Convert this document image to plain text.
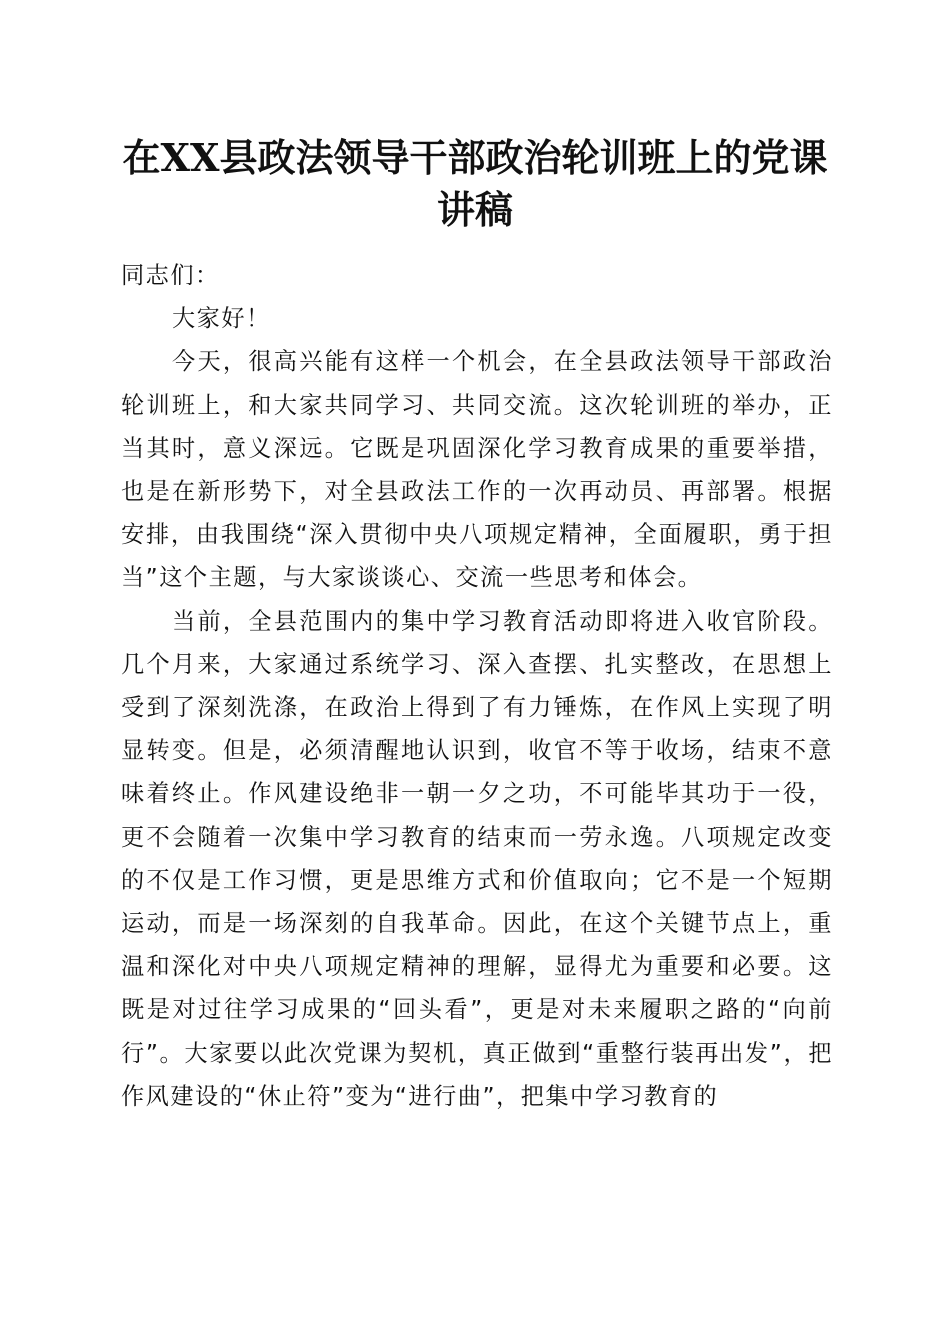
在XX县政法领导干部政治轮训班上的党课讲稿

同志们：

大家好！

今天，很高兴能有这样一个机会，在全县政法领导干部政治轮训班上，和大家共同学习、共同交流。这次轮训班的举办，正当其时，意义深远。它既是巩固深化学习教育成果的重要举措，也是在新形势下，对全县政法工作的一次再动员、再部署。根据安排，由我围绕“深入贯彻中央八项规定精神，全面履职，勇于担当”这个主题，与大家谈谈心、交流一些思考和体会。

当前，全县范围内的集中学习教育活动即将进入收官阶段。几个月来，大家通过系统学习、深入查摆、扎实整改，在思想上受到了深刻洗涤，在政治上得到了有力锤炼，在作风上实现了明显转变。但是，必须清醒地认识到，收官不等于收场，结束不意味着终止。作风建设绝非一朝一夕之功，不可能毕其功于一役，更不会随着一次集中学习教育的结束而一劳永逸。八项规定改变的不仅是工作习惯，更是思维方式和价值取向；它不是一个短期运动，而是一场深刻的自我革命。因此，在这个关键节点上，重温和深化对中央八项规定精神的理解，显得尤为重要和必要。这既是对过往学习成果的“回头看”，更是对未来履职之路的“向前行”。大家要以此次党课为契机，真正做到“重整行装再出发”，把作风建设的“休止符”变为“进行曲”，把集中学习教育的
